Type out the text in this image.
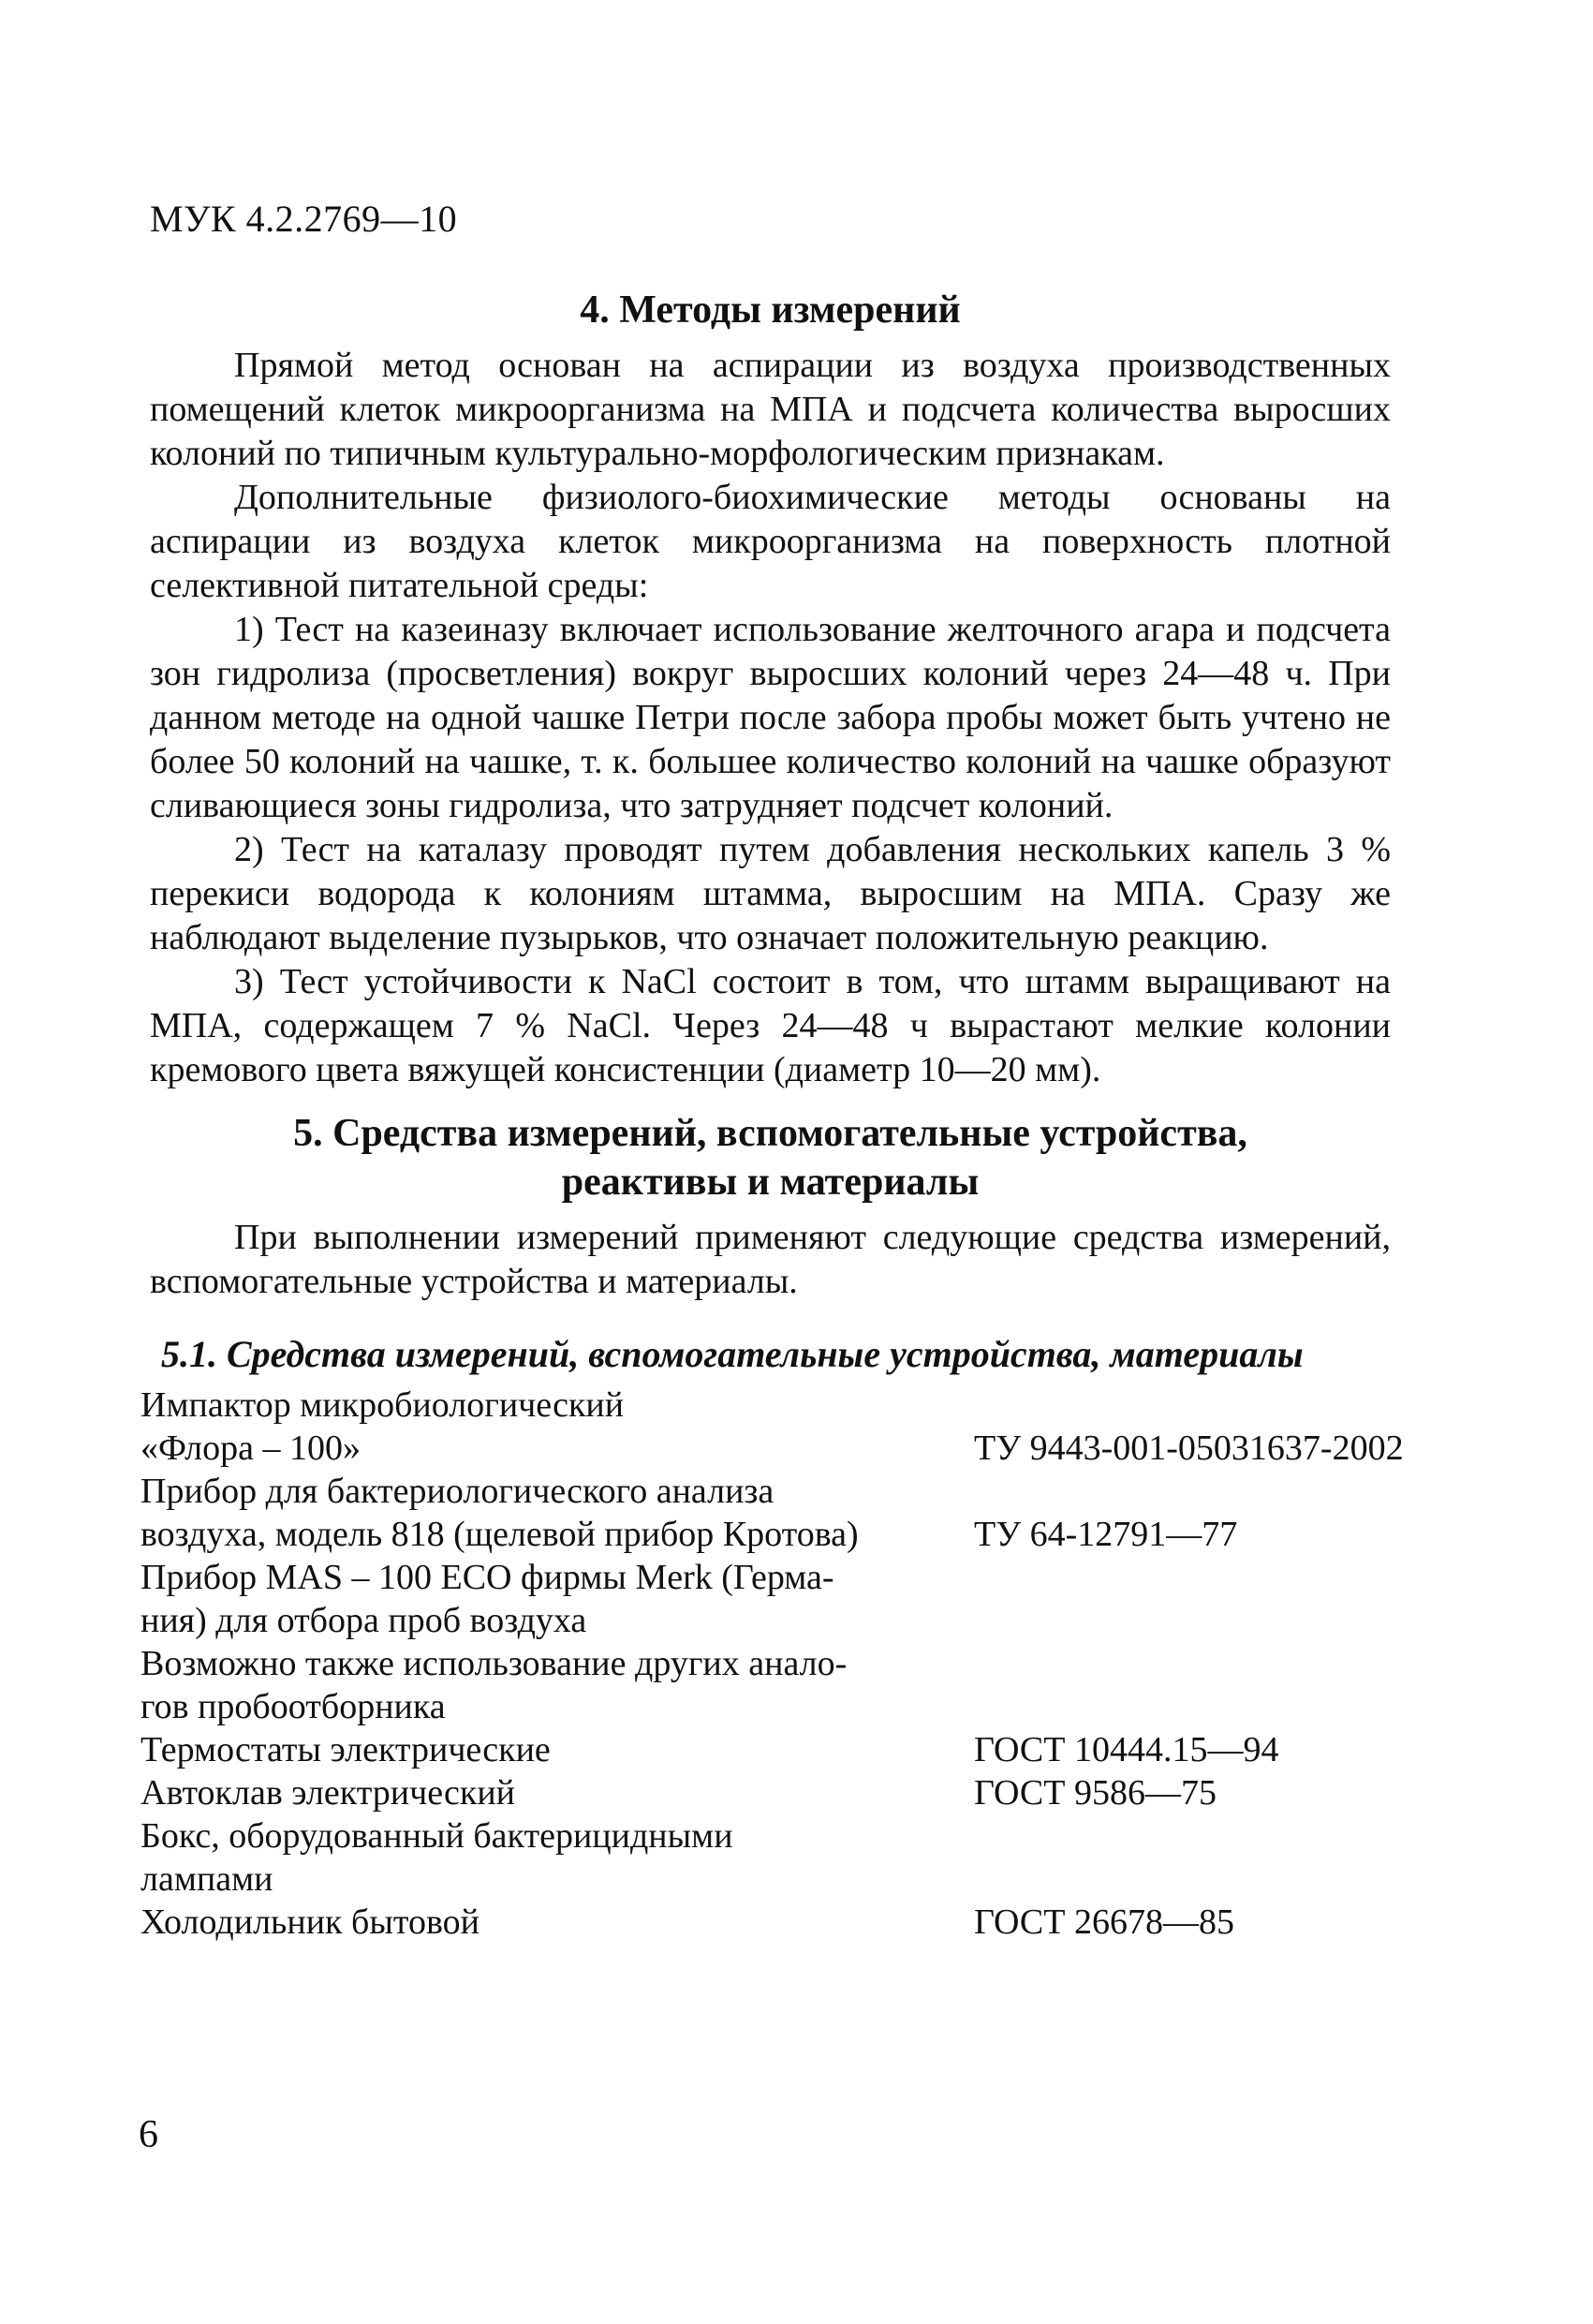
МУК 4.2.2769—10
4. Методы измерений

Прямой метод основан на аспирации из воздуха производственных помещений клеток микроорганизма на МПА и подсчета количества выросших колоний по типичным культурально-морфологическим признакам.

Дополнительные физиолого-биохимические методы основаны на аспирации из воздуха клеток микроорганизма на поверхность плотной селективной питательной среды:

1) Тест на казеиназу включает использование желточного агара и подсчета зон гидролиза (просветления) вокруг выросших колоний через 24—48 ч. При данном методе на одной чашке Петри после забора пробы может быть учтено не более 50 колоний на чашке, т. к. большее количество колоний на чашке образуют сливающиеся зоны гидролиза, что затрудняет подсчет колоний.

2) Тест на каталазу проводят путем добавления нескольких капель 3 % перекиси водорода к колониям штамма, выросшим на МПА. Сразу же наблюдают выделение пузырьков, что означает положительную реакцию.

3) Тест устойчивости к NaCl состоит в том, что штамм выращивают на МПА, содержащем 7 % NaCl. Через 24—48 ч вырастают мелкие колонии кремового цвета вяжущей консистенции (диаметр 10—20 мм).

5. Средства измерений, вспомогательные устройства,
реактивы и материалы

При выполнении измерений применяют следующие средства измерений, вспомогательные устройства и материалы.

5.1. Средства измерений, вспомогательные устройства, материалы
Импактор микробиологический	
«Флора – 100»	ТУ 9443-001-05031637-2002
Прибор для бактериологического анализа	
воздуха, модель 818 (щелевой прибор Кротова)	ТУ 64-12791—77
Прибор MAS – 100 ECO фирмы Merk (Герма-	
ния) для отбора проб воздуха	
Возможно также использование других анало-	
гов пробоотборника	
Термостаты электрические	ГОСТ 10444.15—94
Автоклав электрический	ГОСТ 9586—75
Бокс, оборудованный бактерицидными	
лампами	
Холодильник бытовой	ГОСТ 26678—85
6
